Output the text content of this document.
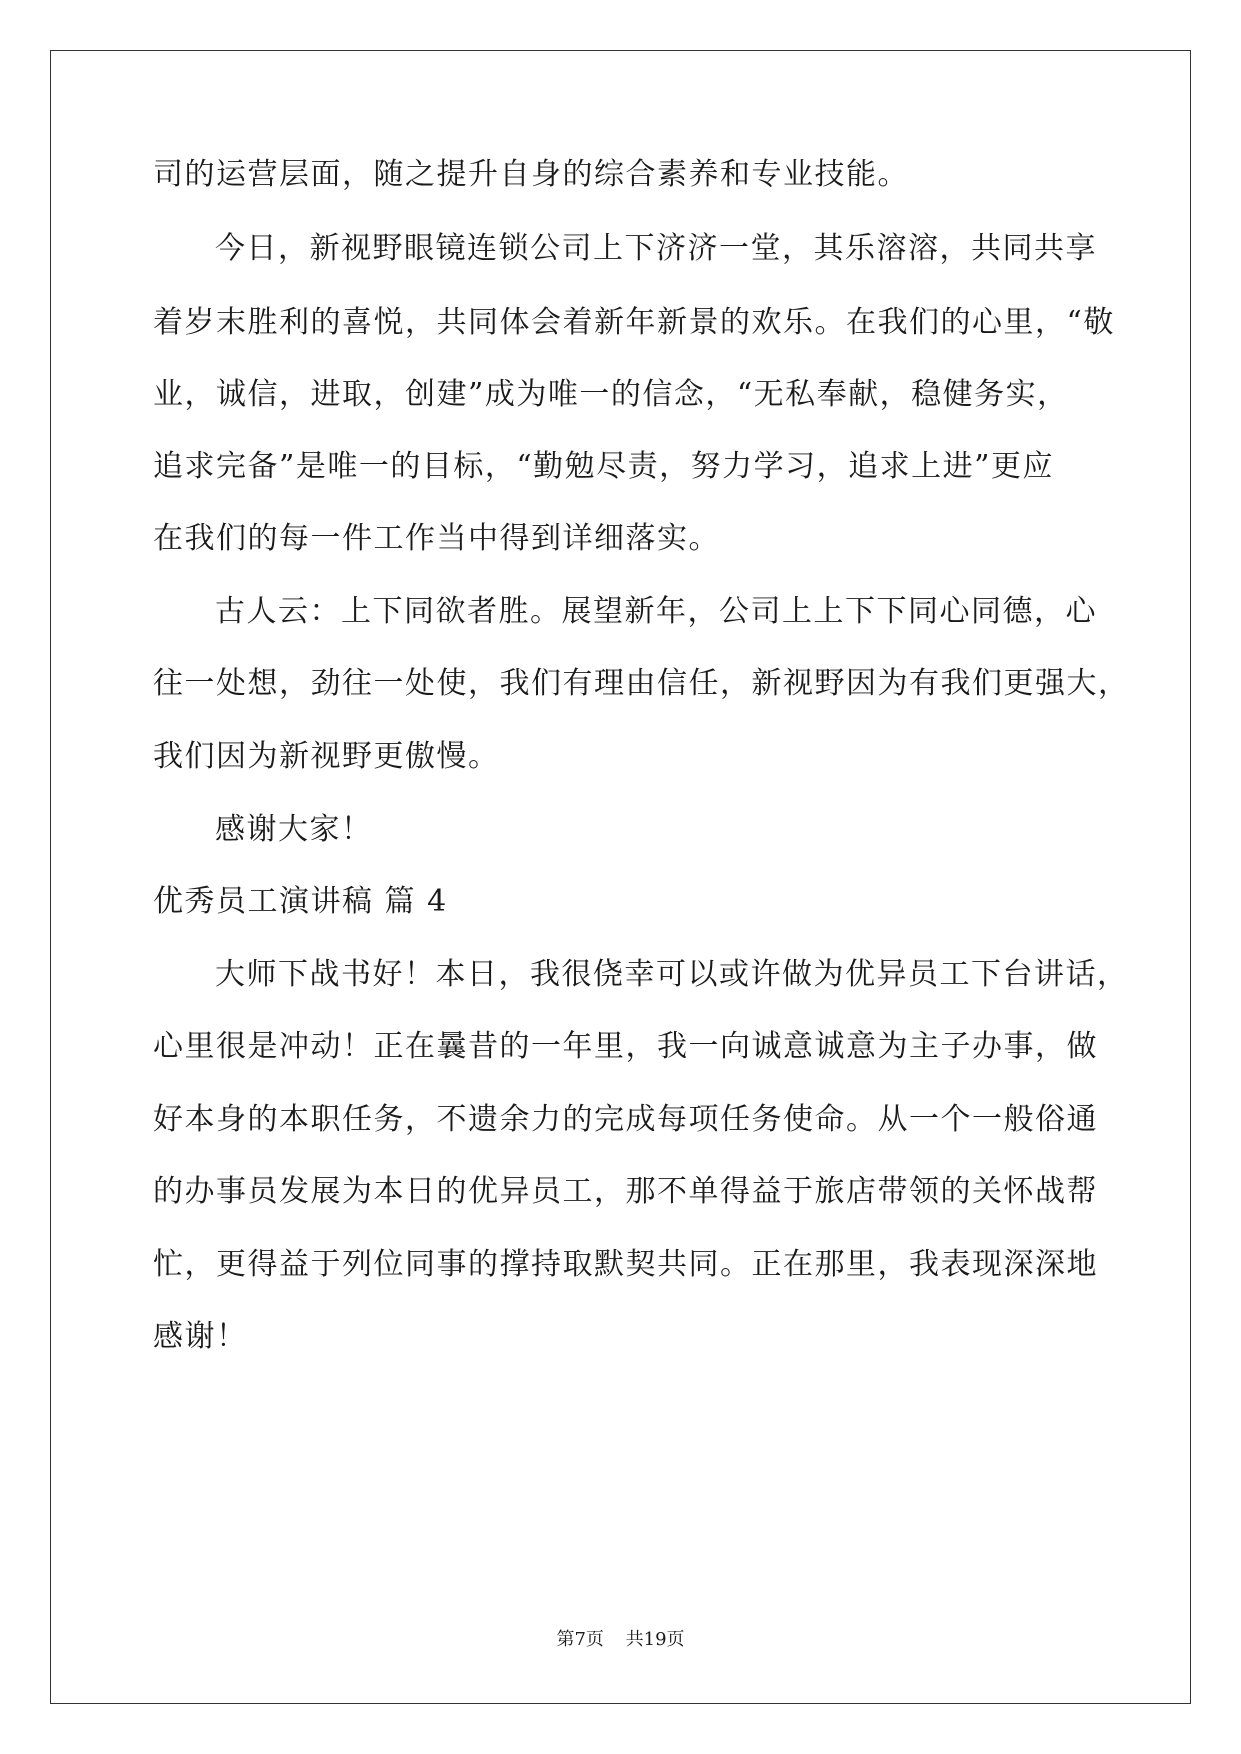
司的运营层面，随之提升自身的综合素养和专业技能。
今日，新视野眼镜连锁公司上下济济一堂，其乐溶溶，共同共享
着岁末胜利的喜悦，共同体会着新年新景的欢乐。在我们的心里，“敬
业，诚信，进取，创建”成为唯一的信念，“无私奉献，稳健务实，
追求完备”是唯一的目标，“勤勉尽责，努力学习，追求上进”更应
在我们的每一件工作当中得到详细落实。
古人云：上下同欲者胜。展望新年，公司上上下下同心同德，心
往一处想，劲往一处使，我们有理由信任，新视野因为有我们更强大，
我们因为新视野更傲慢。
感谢大家！
优秀员工演讲稿 篇 4
大师下战书好！本日，我很侥幸可以或许做为优异员工下台讲话，
心里很是冲动！正在曩昔的一年里，我一向诚意诚意为主子办事，做
好本身的本职任务，不遗余力的完成每项任务使命。从一个一般俗通
的办事员发展为本日的优异员工，那不单得益于旅店带领的关怀战帮
忙，更得益于列位同事的撑持取默契共同。正在那里，我表现深深地
感谢！
第7页 共19页
